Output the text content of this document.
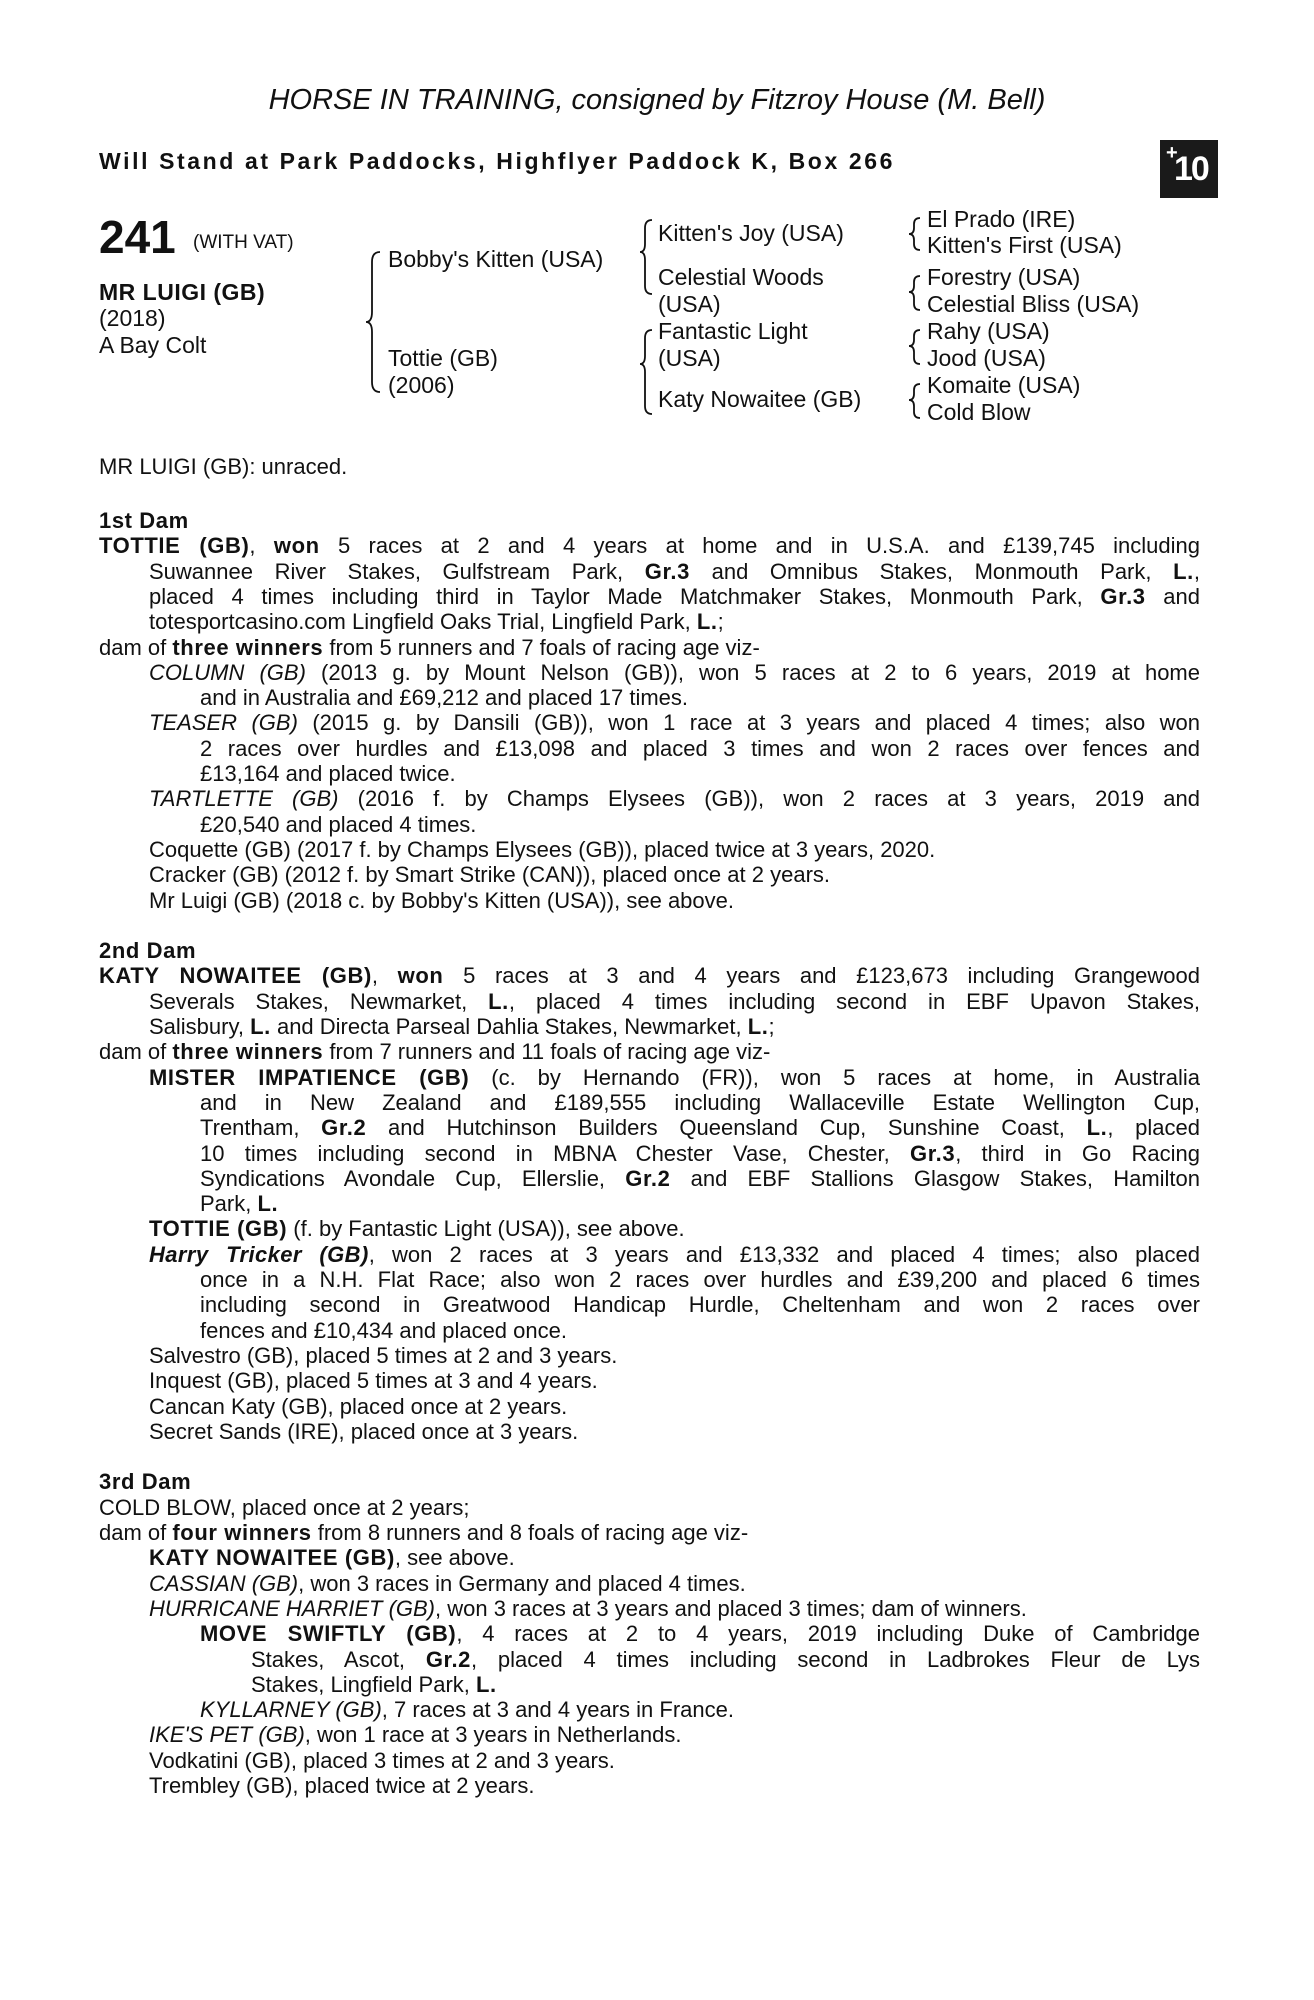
HORSE IN TRAINING, consigned by Fitzroy House (M. Bell)
Will Stand at Park Paddocks, Highflyer Paddock K, Box 266	+
10
241 (WITH VAT)
MR LUIGI (GB)
(2018)
A Bay Colt
Bobby's Kitten (USA)
Tottie (GB)
(2006)
Kitten's Joy (USA)
Celestial Woods
(USA)
Fantastic Light
(USA)
Katy Nowaitee (GB)
El Prado (IRE)
Kitten's First (USA)
Forestry (USA)
Celestial Bliss (USA)
Rahy (USA)
Jood (USA)
Komaite (USA)
Cold Blow
MR LUIGI (GB): unraced.
1st Dam
TOTTIE (GB), won 5 races at 2 and 4 years at home and in U.S.A. and £139,745 including
Suwannee River Stakes, Gulfstream Park, Gr.3 and Omnibus Stakes, Monmouth Park, L.,
placed 4 times including third in Taylor Made Matchmaker Stakes, Monmouth Park, Gr.3 and
totesportcasino.com Lingfield Oaks Trial, Lingfield Park, L.;
dam of three winners from 5 runners and 7 foals of racing age viz-
COLUMN (GB) (2013 g. by Mount Nelson (GB)), won 5 races at 2 to 6 years, 2019 at home
and in Australia and £69,212 and placed 17 times.
TEASER (GB) (2015 g. by Dansili (GB)), won 1 race at 3 years and placed 4 times; also won
2 races over hurdles and £13,098 and placed 3 times and won 2 races over fences and
£13,164 and placed twice.
TARTLETTE (GB) (2016 f. by Champs Elysees (GB)), won 2 races at 3 years, 2019 and
£20,540 and placed 4 times.
Coquette (GB) (2017 f. by Champs Elysees (GB)), placed twice at 3 years, 2020.
Cracker (GB) (2012 f. by Smart Strike (CAN)), placed once at 2 years.
Mr Luigi (GB) (2018 c. by Bobby's Kitten (USA)), see above.
2nd Dam
KATY NOWAITEE (GB), won 5 races at 3 and 4 years and £123,673 including Grangewood
Severals Stakes, Newmarket, L., placed 4 times including second in EBF Upavon Stakes,
Salisbury, L. and Directa Parseal Dahlia Stakes, Newmarket, L.;
dam of three winners from 7 runners and 11 foals of racing age viz-
MISTER IMPATIENCE (GB) (c. by Hernando (FR)), won 5 races at home, in Australia
and in New Zealand and £189,555 including Wallaceville Estate Wellington Cup,
Trentham, Gr.2 and Hutchinson Builders Queensland Cup, Sunshine Coast, L., placed
10 times including second in MBNA Chester Vase, Chester, Gr.3, third in Go Racing
Syndications Avondale Cup, Ellerslie, Gr.2 and EBF Stallions Glasgow Stakes, Hamilton
Park, L.
TOTTIE (GB) (f. by Fantastic Light (USA)), see above.
Harry Tricker (GB), won 2 races at 3 years and £13,332 and placed 4 times; also placed
once in a N.H. Flat Race; also won 2 races over hurdles and £39,200 and placed 6 times
including second in Greatwood Handicap Hurdle, Cheltenham and won 2 races over
fences and £10,434 and placed once.
Salvestro (GB), placed 5 times at 2 and 3 years.
Inquest (GB), placed 5 times at 3 and 4 years.
Cancan Katy (GB), placed once at 2 years.
Secret Sands (IRE), placed once at 3 years.
3rd Dam
COLD BLOW, placed once at 2 years;
dam of four winners from 8 runners and 8 foals of racing age viz-
KATY NOWAITEE (GB), see above.
CASSIAN (GB), won 3 races in Germany and placed 4 times.
HURRICANE HARRIET (GB), won 3 races at 3 years and placed 3 times; dam of winners.
MOVE SWIFTLY (GB), 4 races at 2 to 4 years, 2019 including Duke of Cambridge
Stakes, Ascot, Gr.2, placed 4 times including second in Ladbrokes Fleur de Lys
Stakes, Lingfield Park, L.
KYLLARNEY (GB), 7 races at 3 and 4 years in France.
IKE'S PET (GB), won 1 race at 3 years in Netherlands.
Vodkatini (GB), placed 3 times at 2 and 3 years.
Trembley (GB), placed twice at 2 years.
